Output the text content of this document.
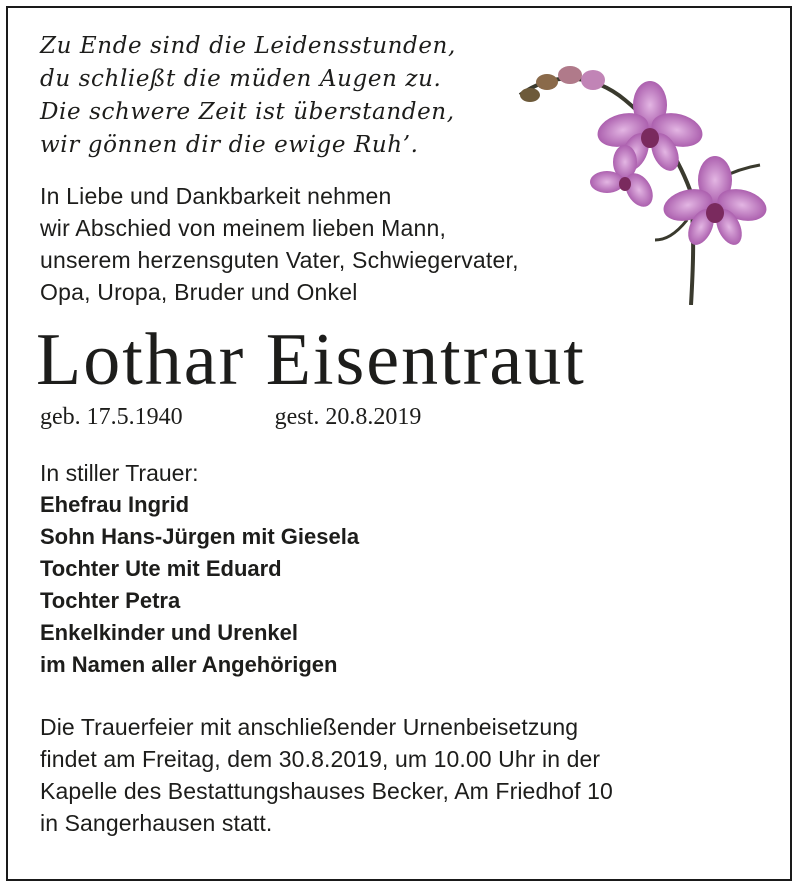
Zu Ende sind die Leidensstunden,
du schließt die müden Augen zu.
Die schwere Zeit ist überstanden,
wir gönnen dir die ewige Ruh’.
In Liebe und Dankbarkeit nehmen
wir Abschied von meinem lieben Mann,
unserem herzensguten Vater, Schwiegervater,
Opa, Uropa, Bruder und Onkel
Lothar Eisentraut
geb. 17.5.1940	gest. 20.8.2019
In stiller Trauer:
Ehefrau Ingrid
Sohn Hans-Jürgen mit Giesela
Tochter Ute mit Eduard
Tochter Petra
Enkelkinder und Urenkel
im Namen aller Angehörigen
Die Trauerfeier mit anschließender Urnenbeisetzung
findet am Freitag, dem 30.8.2019, um 10.00 Uhr in der
Kapelle des Bestattungshauses Becker, Am Friedhof 10
in Sangerhausen statt.
